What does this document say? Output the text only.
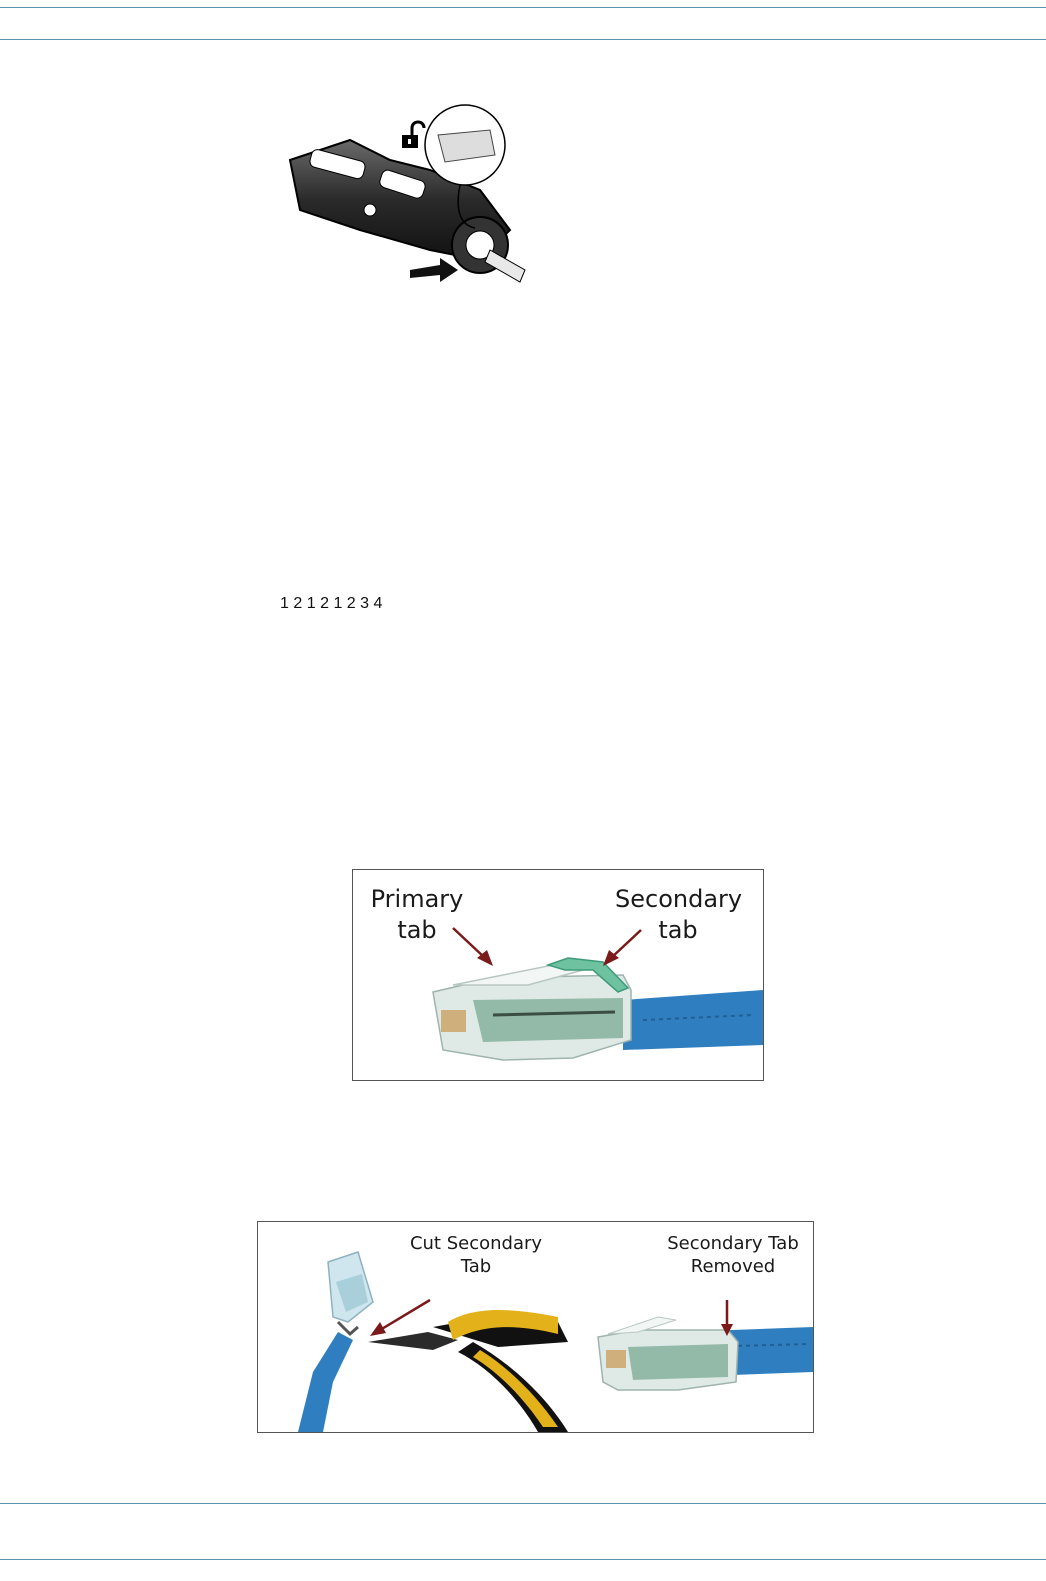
1 2 1 2 1 2 3 4
Primary
tab
Secondary
tab
Cut Secondary
Tab
Secondary Tab
Removed
